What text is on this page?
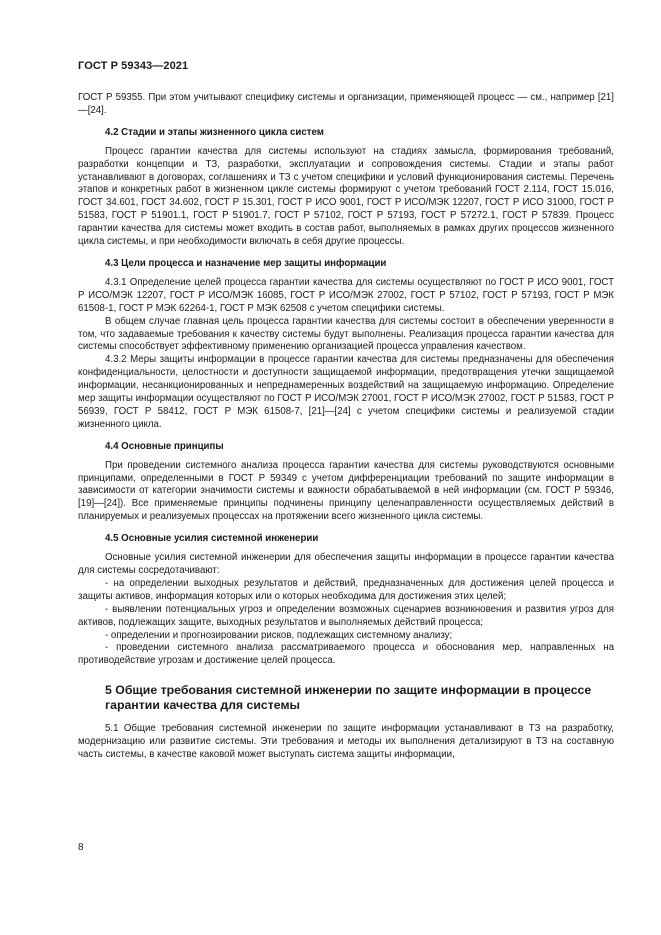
ГОСТ Р 59343—2021

ГОСТ Р 59355. При этом учитывают специфику системы и организации, применяющей процесс — см., например [21]—[24].

4.2 Стадии и этапы жизненного цикла систем

Процесс гарантии качества для системы используют на стадиях замысла, формирования требований, разработки концепции и ТЗ, разработки, эксплуатации и сопровождения системы. Стадии и этапы работ устанавливают в договорах, соглашениях и ТЗ с учетом специфики и условий функционирования системы. Перечень этапов и конкретных работ в жизненном цикле системы формируют с учетом требований ГОСТ 2.114, ГОСТ 15.016, ГОСТ 34.601, ГОСТ 34.602, ГОСТ Р 15.301, ГОСТ Р ИСО 9001, ГОСТ Р ИСО/МЭК 12207, ГОСТ Р ИСО 31000, ГОСТ Р 51583, ГОСТ Р 51901.1, ГОСТ Р 51901.7, ГОСТ Р 57102, ГОСТ Р 57193, ГОСТ Р 57272.1, ГОСТ Р 57839. Процесс гарантии качества для системы может входить в состав работ, выполняемых в рамках других процессов жизненного цикла системы, и при необходимости включать в себя другие процессы.

4.3 Цели процесса и назначение мер защиты информации

4.3.1 Определение целей процесса гарантии качества для системы осуществляют по ГОСТ Р ИСО 9001, ГОСТ Р ИСО/МЭК 12207, ГОСТ Р ИСО/МЭК 16085, ГОСТ Р ИСО/МЭК 27002, ГОСТ Р 57102, ГОСТ Р 57193, ГОСТ Р МЭК 61508-1, ГОСТ Р МЭК 62264-1, ГОСТ Р МЭК 62508 с учетом специфики системы.

В общем случае главная цель процесса гарантии качества для системы состоит в обеспечении уверенности в том, что задаваемые требования к качеству системы будут выполнены. Реализация процесса гарантии качества для системы способствует эффективному применению организацией процесса управления качеством.

4.3.2 Меры защиты информации в процессе гарантии качества для системы предназначены для обеспечения конфиденциальности, целостности и доступности защищаемой информации, предотвращения утечки защищаемой информации, несанкционированных и непреднамеренных воздействий на защищаемую информацию. Определение мер защиты информации осуществляют по ГОСТ Р ИСО/МЭК 27001, ГОСТ Р ИСО/МЭК 27002, ГОСТ Р 51583, ГОСТ Р 56939, ГОСТ Р 58412, ГОСТ Р МЭК 61508-7, [21]—[24] с учетом специфики системы и реализуемой стадии жизненного цикла.

4.4 Основные принципы

При проведении системного анализа процесса гарантии качества для системы руководствуются основными принципами, определенными в ГОСТ Р 59349 с учетом дифференциации требований по защите информации в зависимости от категории значимости системы и важности обрабатываемой в ней информации (см. ГОСТ Р 59346, [19]—[24]). Все применяемые принципы подчинены принципу целенаправленности осуществляемых действий в планируемых и реализуемых процессах на протяжении всего жизненного цикла системы.

4.5 Основные усилия системной инженерии

Основные усилия системной инженерии для обеспечения защиты информации в процессе гарантии качества для системы сосредотачивают:

- на определении выходных результатов и действий, предназначенных для достижения целей процесса и защиты активов, информация которых или о которых необходима для достижения этих целей;

- выявлении потенциальных угроз и определении возможных сценариев возникновения и развития угроз для активов, подлежащих защите, выходных результатов и выполняемых действий процесса;

- определении и прогнозировании рисков, подлежащих системному анализу;

- проведении системного анализа рассматриваемого процесса и обоснования мер, направленных на противодействие угрозам и достижение целей процесса.

5 Общие требования системной инженерии по защите информации в процессе гарантии качества для системы

5.1 Общие требования системной инженерии по защите информации устанавливают в ТЗ на разработку, модернизацию или развитие системы. Эти требования и методы их выполнения детализируют в ТЗ на составную часть системы, в качестве каковой может выступать система защиты информации,

8
